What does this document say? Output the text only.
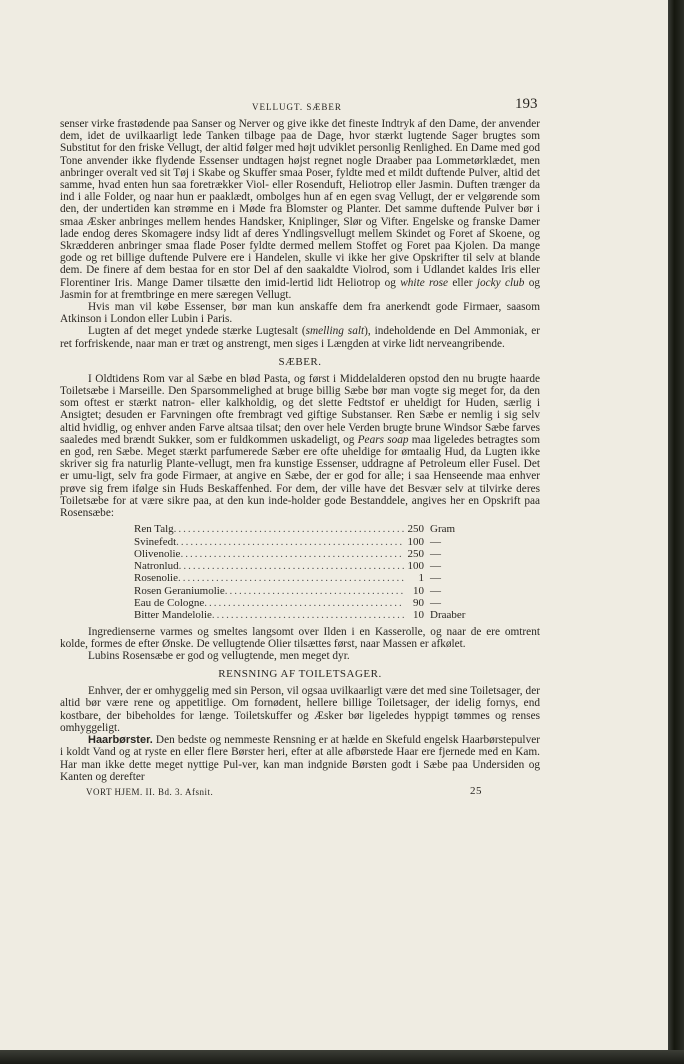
VELLUGT. SÆBER	193

senser virke frastødende paa Sanser og Nerver og give ikke det fineste Indtryk af den Dame, der anvender dem, idet de uvilkaarligt lede Tanken tilbage paa de Dage, hvor stærkt lugtende Sager brugtes som Substitut for den friske Vellugt, der altid følger med højt udviklet personlig Renlighed. En Dame med god Tone anvender ikke flydende Essenser undtagen højst regnet nogle Draaber paa Lommetørklædet, men anbringer overalt ved sit Tøj i Skabe og Skuffer smaa Poser, fyldte med et mildt duftende Pulver, altid det samme, hvad enten hun saa foretrækker Viol- eller Rosenduft, Heliotrop eller Jasmin. Duften trænger da ind i alle Folder, og naar hun er paaklædt, ombolges hun af en egen svag Vellugt, der er velgørende som den, der undertiden kan strømme en i Møde fra Blomster og Planter. Det samme duftende Pulver bør i smaa Æsker anbringes mellem hendes Handsker, Kniplinger, Slør og Vifter. Engelske og franske Damer lade endog deres Skomagere indsy lidt af deres Yndlingsvellugt mellem Skindet og Foret af Skoene, og Skrædderen anbringer smaa flade Poser fyldte dermed mellem Stoffet og Foret paa Kjolen. Da mange gode og ret billige duftende Pulvere ere i Handelen, skulle vi ikke her give Opskrifter til selv at blande dem. De finere af dem bestaa for en stor Del af den saakaldte Violrod, som i Udlandet kaldes Iris eller Florentiner Iris. Mange Damer tilsætte den imid-lertid lidt Heliotrop og white rose eller jocky club og Jasmin for at fremtbringe en mere særegen Vellugt.

Hvis man vil købe Essenser, bør man kun anskaffe dem fra anerkendt gode Firmaer, saasom Atkinson i London eller Lubin i Paris.

Lugten af det meget yndede stærke Lugtesalt (smelling salt), indeholdende en Del Ammoniak, er ret forfriskende, naar man er træt og anstrengt, men siges i Længden at virke lidt nerveangribende.

SÆBER.

I Oldtidens Rom var al Sæbe en blød Pasta, og først i Middelalderen opstod den nu brugte haarde Toiletsæbe i Marseille. Den Sparsommelighed at bruge billig Sæbe bør man vogte sig meget for, da den som oftest er stærkt natron- eller kalkholdig, og det slette Fedtstof er uheldigt for Huden, særlig i Ansigtet; desuden er Farvningen ofte frembragt ved giftige Substanser. Ren Sæbe er nemlig i sig selv altid hvidlig, og enhver anden Farve altsaa tilsat; den over hele Verden brugte brune Windsor Sæbe farves saaledes med brændt Sukker, som er fuldkommen uskadeligt, og Pears soap maa ligeledes betragtes som en god, ren Sæbe. Meget stærkt parfumerede Sæber ere ofte uheldige for ømtaalig Hud, da Lugten ikke skriver sig fra naturlig Plante-vellugt, men fra kunstige Essenser, uddragne af Petroleum eller Fusel. Det er umu-ligt, selv fra gode Firmaer, at angive en Sæbe, der er god for alle; i saa Henseende maa enhver prøve sig frem ifølge sin Huds Beskaffenhed. For dem, der ville have det Besvær selv at tilvirke deres Toiletsæbe for at være sikre paa, at den kun inde-holder gode Bestanddele, angives her en Opskrift paa Rosensæbe:

Ren Talg .....	250 Gram
Svinefedt .....	100 —
Olivenolie .....	250 —
Natronlud .....	100 —
Rosenolie .....	1 —
Rosen Geraniumolie .....	10 —
Eau de Cologne .....	90 —
Bitter Mandelolie .....	10 Draaber

Ingredienserne varmes og smeltes langsomt over Ilden i en Kasserolle, og naar de ere omtrent kolde, formes de efter Ønske. De vellugtende Olier tilsættes først, naar Massen er afkølet.

Lubins Rosensæbe er god og vellugtende, men meget dyr.

RENSNING AF TOILETSAGER.

Enhver, der er omhyggelig med sin Person, vil ogsaa uvilkaarligt være det med sine Toiletsager, der altid bør være rene og appetitlige. Om fornødent, hellere billige Toiletsager, der idelig fornys, end kostbare, der bibeholdes for længe. Toiletskuffer og Æsker bør ligeledes hyppigt tømmes og renses omhyggeligt.

Haarbørster. Den bedste og nemmeste Rensning er at hælde en Skefuld engelsk Haarbørstepulver i koldt Vand og at ryste en eller flere Børster heri, efter at alle afbørstede Haar ere fjernede med en Kam. Har man ikke dette meget nyttige Pul-ver, kan man indgnide Børsten godt i Sæbe paa Undersiden og Kanten og derefter

VORT HJEM. II. Bd. 3. Afsnit.	25
